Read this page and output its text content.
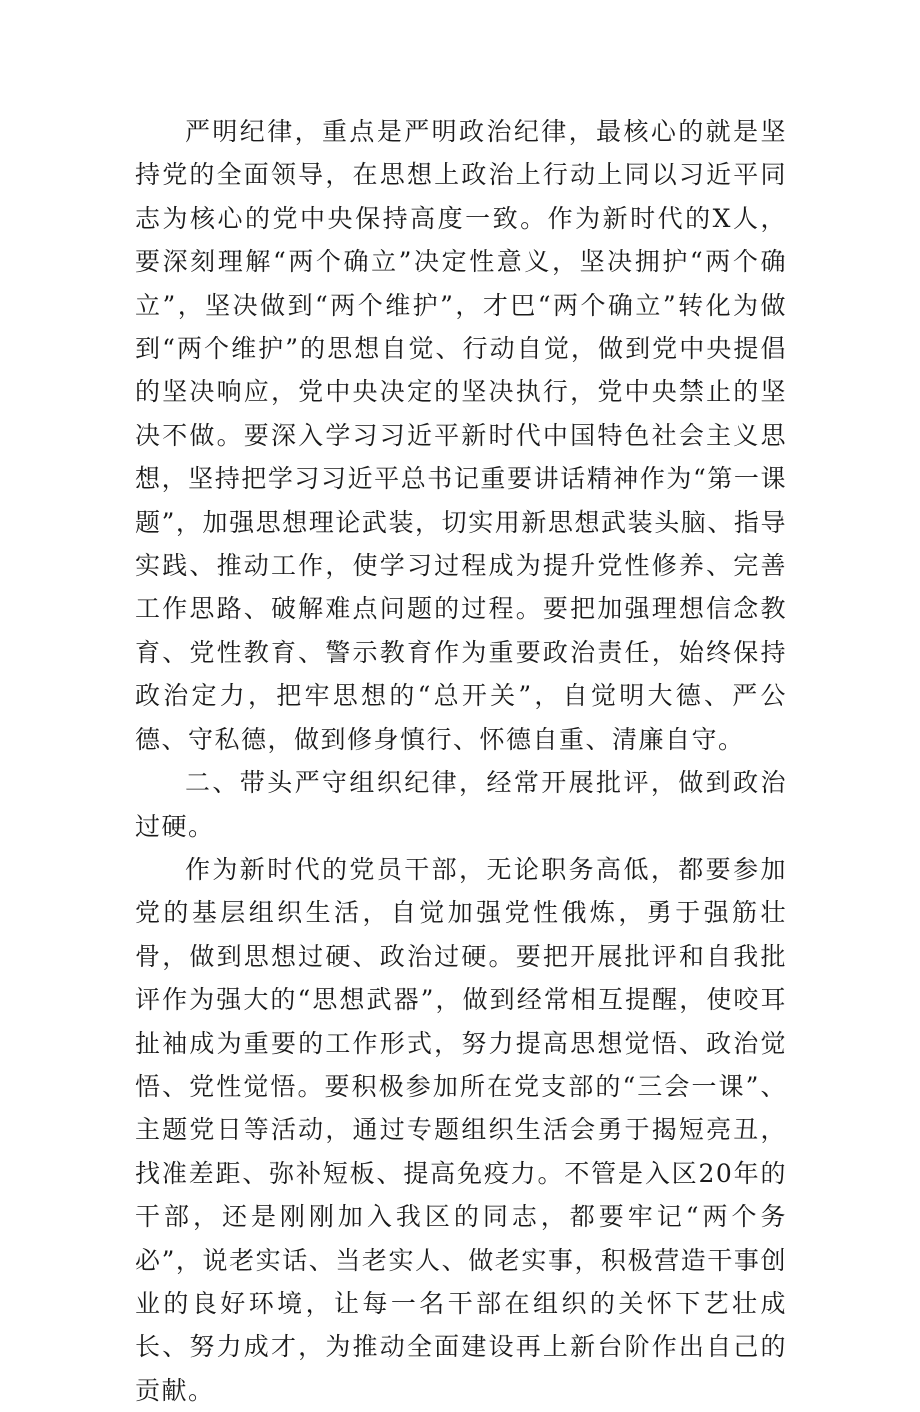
严明纪律，重点是严明政治纪律，最核心的就是坚持党的全面领导，在思想上政治上行动上同以习近平同志为核心的党中央保持高度一致。作为新时代的X人，要深刻理解“两个确立”决定性意义，坚决拥护“两个确立”，坚决做到“两个维护”，才巴“两个确立”转化为做到“两个维护”的思想自觉、行动自觉，做到党中央提倡的坚决响应，党中央决定的坚决执行，党中央禁止的坚决不做。要深入学习习近平新时代中国特色社会主义思想，坚持把学习习近平总书记重要讲话精神作为“第一课题”，加强思想理论武装，切实用新思想武装头脑、指导实践、推动工作，使学习过程成为提升党性修养、完善工作思路、破解难点问题的过程。要把加强理想信念教育、党性教育、警示教育作为重要政治责任，始终保持政治定力，把牢思想的“总开关”，自觉明大德、严公德、守私德，做到修身慎行、怀德自重、清廉自守。

二、带头严守组织纪律，经常开展批评，做到政治过硬。

作为新时代的党员干部，无论职务高低，都要参加党的基层组织生活，自觉加强党性俄炼，勇于强筋壮骨，做到思想过硬、政治过硬。要把开展批评和自我批评作为强大的“思想武器”，做到经常相互提醒，使咬耳扯袖成为重要的工作形式，努力提高思想觉悟、政治觉悟、党性觉悟。要积极参加所在党支部的“三会一课”、主题党日等活动，通过专题组织生活会勇于揭短亮丑，找准差距、弥补短板、提高免疫力。不管是入区20年的干部，还是刚刚加入我区的同志，都要牢记“两个务必”，说老实话、当老实人、做老实事，积极营造干事创业的良好环境，让每一名干部在组织的关怀下艺壮成长、努力成才，为推动全面建设再上新台阶作出自己的贡献。
